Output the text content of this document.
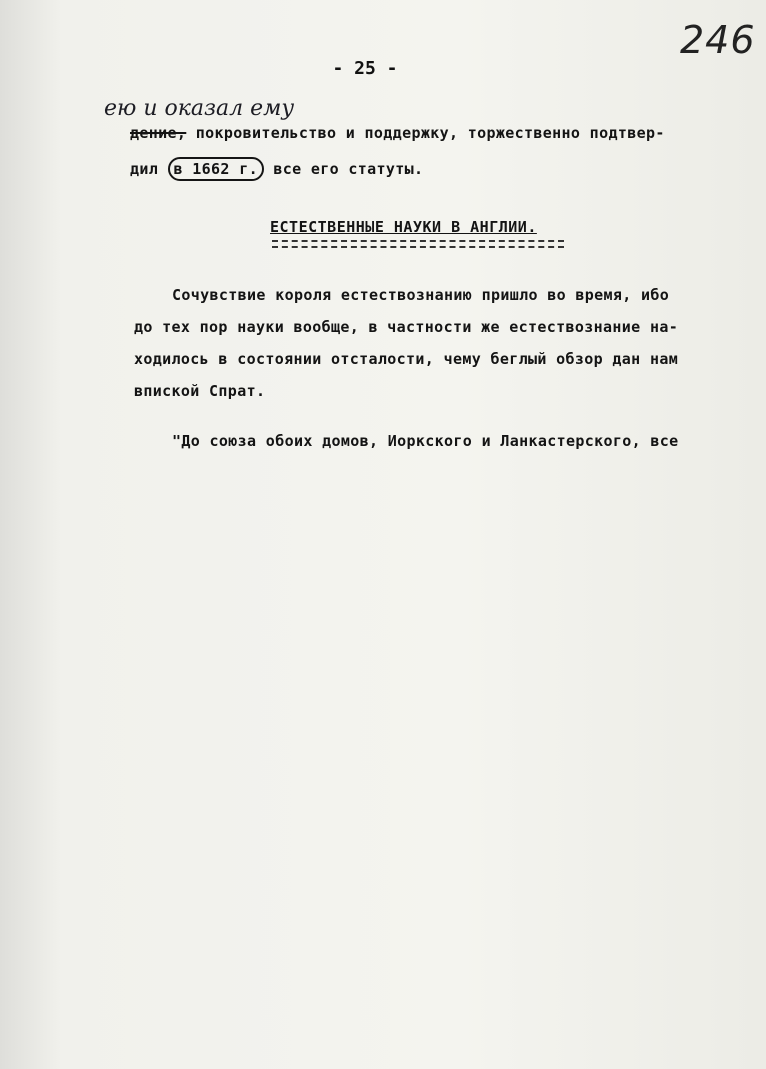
246
- 25 -
ею и оказал ему
дение, покровительство и поддержку, торжественно подтвер-
дил в 1662 г. все его статуты.
ЕСТЕСТВЕННЫЕ НАУКИ В АНГЛИИ.
Сочувствие короля естествознанию пришло во время, ибо
до тех пор науки вообще, в частности же естествознание на-
ходилось в состоянии отсталости, чему беглый обзор дан нам
впиской Спрат.
"До союза обоих домов, Иоркского и Ланкастерского, все
